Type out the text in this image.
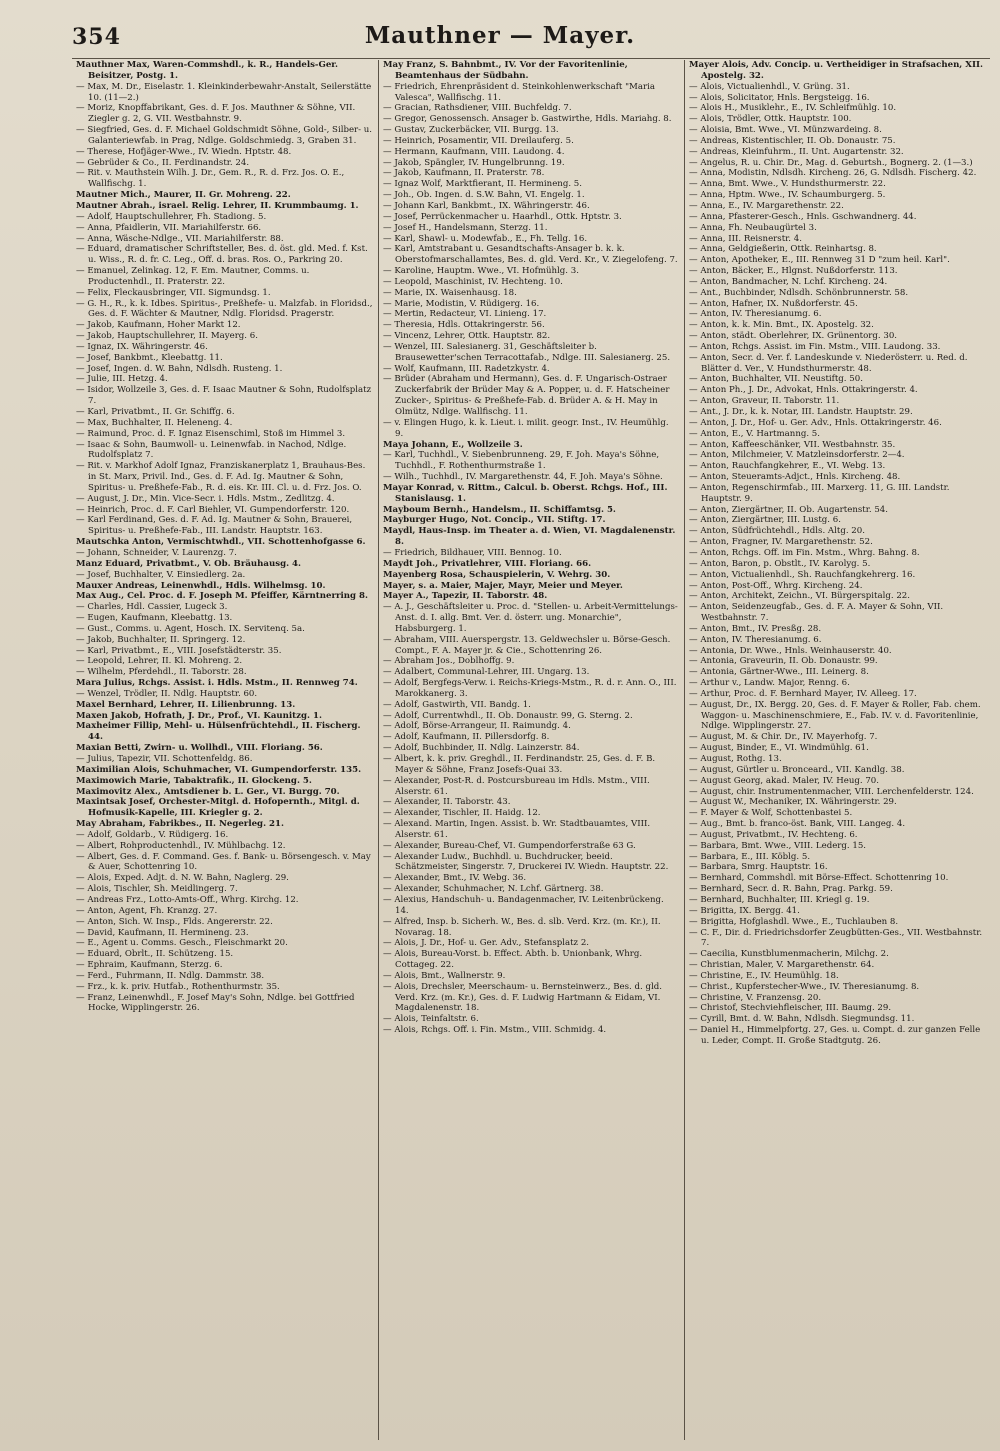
354	Mauthner — Mayer.
Mauthner Max, Waren-Commshdl., k. R., Handels-Ger. Beisitzer, Postg. 1.
— Max, M. Dr., Eiselastr. 1. Kleinkinderbewahr-Anstalt, Seilerstätte 10. (11—2.)
— Moriz, Knopffabrikant, Ges. d. F. Jos. Mauthner & Söhne, VII. Ziegler g. 2, G. VII. Westbahnstr. 9.
— Siegfried, Ges. d. F. Michael Goldschmidt Söhne, Gold-, Silber- u. Galanteriewfab. in Prag, Ndlge. Goldschmiedg. 3, Graben 31.
— Therese, Hofjäger-Wwe., IV. Wiedn. Hptstr. 48.
— Gebrüder & Co., II. Ferdinandstr. 24.
— Rit. v. Mauthstein Wilh. J. Dr., Gem. R., R. d. Frz. Jos. O. E., Wallfischg. 1.
Mautner Mich., Maurer, II. Gr. Mohreng. 22.
Mautner Abrah., israel. Relig. Lehrer, II. Krummbaumg. 1.
— Adolf, Hauptschullehrer, Fh. Stadiong. 5.
— Anna, Pfaidlerin, VII. Mariahilferstr. 66.
— Anna, Wäsche-Ndlge., VII. Mariahilferstr. 88.
— Eduard, dramatischer Schriftsteller, Bes. d. öst. gld. Med. f. Kst. u. Wiss., R. d. fr. C. Leg., Off. d. bras. Ros. O., Parkring 20.
— Emanuel, Zelinkag. 12, F. Em. Mautner, Comms. u. Productenhdl., II. Praterstr. 22.
— Felix, Fleckausbringer, VII. Sigmundsg. 1.
— G. H., R., k. k. Idbes. Spiritus-, Preßhefe- u. Malzfab. in Floridsd., Ges. d. F. Wächter & Mautner, Ndlg. Floridsd. Pragerstr.
— Jakob, Kaufmann, Hoher Markt 12.
— Jakob, Hauptschullehrer, II. Mayerg. 6.
— Ignaz, IX. Währingerstr. 46.
— Josef, Bankbmt., Kleebattg. 11.
— Josef, Ingen. d. W. Bahn, Ndlsdh. Rusteng. 1.
— Julie, III. Hetzg. 4.
— Isidor, Wollzeile 3, Ges. d. F. Isaac Mautner & Sohn, Rudolfsplatz 7.
— Karl, Privatbmt., II. Gr. Schiffg. 6.
— Max, Buchhalter, II. Heleneng. 4.
— Raimund, Proc. d. F. Ignaz Eisenschiml, Stoß im Himmel 3.
— Isaac & Sohn, Baumwoll- u. Leinenwfab. in Nachod, Ndlge. Rudolfsplatz 7.
— Rit. v. Markhof Adolf Ignaz, Franziskanerplatz 1, Brauhaus-Bes. in St. Marx, Privil. Ind., Ges. d. F. Ad. Ig. Mautner & Sohn, Spiritus- u. Preßhefe-Fab., R. d. eis. Kr. III. Cl. u. d. Frz. Jos. O.
— August, J. Dr., Min. Vice-Secr. i. Hdls. Mstm., Zedlitzg. 4.
— Heinrich, Proc. d. F. Carl Biehler, VI. Gumpendorferstr. 120.
— Karl Ferdinand, Ges. d. F. Ad. Ig. Mautner & Sohn, Brauerei, Spiritus- u. Preßhefe-Fab., III. Landstr. Hauptstr. 163.
Mautschka Anton, Vermischtwhdl., VII. Schottenhofgasse 6.
— Johann, Schneider, V. Laurenzg. 7.
Manz Eduard, Privatbmt., V. Ob. Bräuhausg. 4.
— Josef, Buchhalter, V. Einsiedlerg. 2a.
Mauxer Andreas, Leinenwhdl., Hdls. Wilhelmsg. 10.
Max Aug., Cel. Proc. d. F. Joseph M. Pfeiffer, Kärntnerring 8.
— Charles, Hdl. Cassier, Lugeck 3.
— Eugen, Kaufmann, Kleebattg. 13.
— Gust., Comms. u. Agent, Hosch. IX. Servitenq. 5a.
— Jakob, Buchhalter, II. Springerg. 12.
— Karl, Privatbmt., E., VIII. Josefstädterstr. 35.
— Leopold, Lehrer, II. Kl. Mohreng. 2.
— Wilhelm, Pferdehdl., II. Taborstr. 28.
Mara Julius, Rchgs. Assist. i. Hdls. Mstm., II. Rennweg 74.
— Wenzel, Trödler, II. Ndlg. Hauptstr. 60.
Maxel Bernhard, Lehrer, II. Lilienbrunng. 13.
Maxen Jakob, Hofrath, J. Dr., Prof., VI. Kaunitzg. 1.
Maxheimer Fillip, Mehl- u. Hülsenfrüchtehdl., II. Fischerg. 44.
Maxian Betti, Zwirn- u. Wollhdl., VIII. Floriang. 56.
— Julius, Tapezir, VII. Schottenfeldg. 86.
Maximilian Alois, Schuhmacher, VI. Gumpendorferstr. 135.
Maximowich Marie, Tabaktrafik., II. Glockeng. 5.
Maximovitz Alex., Amtsdiener b. L. Ger., VI. Burgg. 70.
Maxintsak Josef, Orchester-Mitgl. d. Hofopernth., Mitgl. d. Hofmusik-Kapelle, III. Kriegler g. 2.
May Abraham, Fabrikbes., II. Negerleg. 21.
— Adolf, Goldarb., V. Rüdigerg. 16.
— Albert, Rohproductenhdl., IV. Mühlbachg. 12.
— Albert, Ges. d. F. Command. Ges. f. Bank- u. Börsengesch. v. May & Auer, Schottenring 10.
— Alois, Exped. Adjt. d. N. W. Bahn, Naglerg. 29.
— Alois, Tischler, Sh. Meidlingerg. 7.
— Andreas Frz., Lotto-Amts-Off., Whrg. Kirchg. 12.
— Anton, Agent, Fh. Kranzg. 27.
— Anton, Sich. W. Insp., Flds. Angererstr. 22.
— David, Kaufmann, II. Hermineng. 23.
— E., Agent u. Comms. Gesch., Fleischmarkt 20.
— Eduard, Obrlt., II. Schützeng. 15.
— Ephraim, Kaufmann, Sterzg. 6.
— Ferd., Fuhrmann, II. Ndlg. Dammstr. 38.
— Frz., k. k. priv. Hutfab., Rothenthurmstr. 35.
— Franz, Leinenwhdl., F. Josef May's Sohn, Ndlge. bei Gottfried Hocke, Wipplingerstr. 26.
May Franz, S. Bahnbmt., IV. Vor der Favoritenlinie, Beamtenhaus der Südbahn.
— Friedrich, Ehrenpräsident d. Steinkohlenwerkschaft "Maria Valesca", Wallfischg. 11.
— Gracian, Rathsdiener, VIII. Buchfeldg. 7.
— Gregor, Genossensch. Ansager b. Gastwirthe, Hdls. Mariahg. 8.
— Gustav, Zuckerbäcker, VII. Burgg. 13.
— Heinrich, Posamentir, VII. Dreilauferg. 5.
— Hermann, Kaufmann, VIII. Laudong. 4.
— Jakob, Spängler, IV. Hungelbrunng. 19.
— Jakob, Kaufmann, II. Praterstr. 78.
— Ignaz Wolf, Marktfierant, II. Hermineng. 5.
— Joh., Ob. Ingen. d. S.W. Bahn, VI. Engelg. 1.
— Johann Karl, Bankbmt., IX. Währingerstr. 46.
— Josef, Perrückenmacher u. Haarhdl., Ottk. Hptstr. 3.
— Josef H., Handelsmann, Sterzg. 11.
— Karl, Shawl- u. Modewfab., E., Fh. Tellg. 16.
— Karl, Amtstrabant u. Gesandtschafts-Ansager b. k. k. Oberstofmarschallamtes, Bes. d. gld. Verd. Kr., V. Ziegelofeng. 7.
— Karoline, Hauptm. Wwe., VI. Hofmühlg. 3.
— Leopold, Maschinist, IV. Hechteng. 10.
— Marie, IX. Waisenhausg. 18.
— Marie, Modistin, V. Rüdigerg. 16.
— Mertin, Redacteur, VI. Linieng. 17.
— Theresia, Hdls. Ottakringerstr. 56.
— Vincenz, Lehrer, Ottk. Hauptstr. 82.
— Wenzel, III. Salesianerg. 31, Geschäftsleiter b. Brausewetter'schen Terracottafab., Ndlge. III. Salesianerg. 25.
— Wolf, Kaufmann, III. Radetzkystr. 4.
— Brüder (Abraham und Hermann), Ges. d. F. Ungarisch-Ostraer Zuckerfabrik der Brüder May & A. Popper, u. d. F. Hatscheiner Zucker-, Spiritus- & Preßhefe-Fab. d. Brüder A. & H. May in Olmütz, Ndlge. Wallfischg. 11.
— v. Elingen Hugo, k. k. Lieut. i. milit. geogr. Inst., IV. Heumühlg. 9.
Maya Johann, E., Wollzeile 3.
— Karl, Tuchhdl., V. Siebenbrunneng. 29, F. Joh. Maya's Söhne, Tuchhdl., F. Rothenthurmstraße 1.
— Wilh., Tuchhdl., IV. Margarethenstr. 44, F. Joh. Maya's Söhne.
Mayar Konrad, v. Rittm., Calcul. b. Oberst. Rchgs. Hof., III. Stanislausg. 1.
Mayboum Bernh., Handelsm., II. Schiffamtsg. 5.
Mayburger Hugo, Not. Concip., VII. Stiftg. 17.
Maydl, Haus-Insp. im Theater a. d. Wien, VI. Magdalenenstr. 8.
— Friedrich, Bildhauer, VIII. Bennog. 10.
Maydt Joh., Privatlehrer, VIII. Floriang. 66.
Mayenberg Rosa, Schauspielerin, V. Wehrg. 30.
Mayer, s. a. Maier, Majer, Mayr, Meier und Meyer.
Mayer A., Tapezir, II. Taborstr. 48.
— A. J., Geschäftsleiter u. Proc. d. "Stellen- u. Arbeit-Vermittelungs-Anst. d. I. allg. Bmt. Ver. d. österr. ung. Monarchie", Habsburgerg. 1.
— Abraham, VIII. Auerspergstr. 13. Geldwechsler u. Börse-Gesch. Compt., F. A. Mayer jr. & Cie., Schottenring 26.
— Abraham Jos., Doblhoffg. 9.
— Adalbert, Communal-Lehrer, III. Ungarg. 13.
— Adolf, Bergfegs-Verw. i. Reichs-Kriegs-Mstm., R. d. r. Ann. O., III. Marokkanerg. 3.
— Adolf, Gastwirth, VII. Bandg. 1.
— Adolf, Currentwhdl., II. Ob. Donaustr. 99, G. Sterng. 2.
— Adolf, Börse-Arrangeur, II. Raimundg. 4.
— Adolf, Kaufmann, II. Pillersdorfg. 8.
— Adolf, Buchbinder, II. Ndlg. Lainzerstr. 84.
— Albert, k. k. priv. Greghdl., II. Ferdinandstr. 25, Ges. d. F. B. Mayer & Söhne, Franz Josefs-Quai 33.
— Alexander, Post-R. d. Postcursbureau im Hdls. Mstm., VIII. Alserstr. 61.
— Alexander, II. Taborstr. 43.
— Alexander, Tischler, II. Haidg. 12.
— Alexand. Martin, Ingen. Assist. b. Wr. Stadtbauamtes, VIII. Alserstr. 61.
— Alexander, Bureau-Chef, VI. Gumpendorferstraße 63 G.
— Alexander Ludw., Buchhdl. u. Buchdrucker, beeid. Schätzmeister, Singerstr. 7, Druckerei IV. Wiedn. Hauptstr. 22.
— Alexander, Bmt., IV. Webg. 36.
— Alexander, Schuhmacher, N. Lchf. Gärtnerg. 38.
— Alexius, Handschuh- u. Bandagenmacher, IV. Leitenbrückeng. 14.
— Alfred, Insp. b. Sicherh. W., Bes. d. slb. Verd. Krz. (m. Kr.), II. Novarag. 18.
— Alois, J. Dr., Hof- u. Ger. Adv., Stefansplatz 2.
— Alois, Bureau-Vorst. b. Effect. Abth. b. Unionbank, Whrg. Cottageg. 22.
— Alois, Bmt., Wallnerstr. 9.
— Alois, Drechsler, Meerschaum- u. Bernsteinwerz., Bes. d. gld. Verd. Krz. (m. Kr.), Ges. d. F. Ludwig Hartmann & Eidam, VI. Magdalenenstr. 18.
— Alois, Teinfaltstr. 6.
— Alois, Rchgs. Off. i. Fin. Mstm., VIII. Schmidg. 4.
Mayer Alois, Adv. Concip. u. Vertheidiger in Strafsachen, XII. Apostelg. 32.
— Alois, Victualienhdl., V. Grüng. 31.
— Alois, Solicitator, Hnls. Bergsteigg. 16.
— Alois H., Musiklehr., E., IV. Schleifmühlg. 10.
— Alois, Trödler, Ottk. Hauptstr. 100.
— Aloisia, Bmt. Wwe., VI. Münzwardeing. 8.
— Andreas, Kistentischler, II. Ob. Donaustr. 75.
— Andreas, Kleinfuhrm., II. Unt. Augartenstr. 32.
— Angelus, R. u. Chir. Dr., Mag. d. Geburtsh., Bognerg. 2. (1—3.)
— Anna, Modistin, Ndlsdh. Kircheng. 26, G. Ndlsdh. Fischerg. 42.
— Anna, Bmt. Wwe., V. Hundsthurmerstr. 22.
— Anna, Hptm. Wwe., IV. Schaumburgerg. 5.
— Anna, E., IV. Margarethenstr. 22.
— Anna, Pfasterer-Gesch., Hnls. Gschwandnerg. 44.
— Anna, Fh. Neubaugürtel 3.
— Anna, III. Reisnerstr. 4.
— Anna, Geldgießerin, Ottk. Reinhartsg. 8.
— Anton, Apotheker, E., III. Rennweg 31 D "zum heil. Karl".
— Anton, Bäcker, E., Hlgnst. Nußdorferstr. 113.
— Anton, Bandmacher, N. Lchf. Kircheng. 24.
— Ant., Buchbinder, Ndlsdh. Schönbrunnerstr. 58.
— Anton, Hafner, IX. Nußdorferstr. 45.
— Anton, IV. Theresianumg. 6.
— Anton, k. k. Min. Bmt., IX. Apostelg. 32.
— Anton, städt. Oberlehrer, IX. Grünentorg. 30.
— Anton, Rchgs. Assist. im Fin. Mstm., VIII. Laudong. 33.
— Anton, Secr. d. Ver. f. Landeskunde v. Niederösterr. u. Red. d. Blätter d. Ver., V. Hundsthurmerstr. 48.
— Anton, Buchhalter, VII. Neustiftg. 50.
— Anton Ph., J. Dr., Advokat, Hnls. Ottakringerstr. 4.
— Anton, Graveur, II. Taborstr. 11.
— Ant., J. Dr., k. k. Notar, III. Landstr. Hauptstr. 29.
— Anton, J. Dr., Hof- u. Ger. Adv., Hnls. Ottakringerstr. 46.
— Anton, E., V. Hartmanng. 5.
— Anton, Kaffeeschänker, VII. Westbahnstr. 35.
— Anton, Milchmeier, V. Matzleinsdorferstr. 2—4.
— Anton, Rauchfangkehrer, E., VI. Webg. 13.
— Anton, Steueramts-Adjct., Hnls. Kircheng. 48.
— Anton, Regenschirmfab., III. Marxerg. 11, G. III. Landstr. Hauptstr. 9.
— Anton, Ziergärtner, II. Ob. Augartenstr. 54.
— Anton, Ziergärtner, III. Lustg. 6.
— Anton, Südfrüchtehdl., Hdls. Altg. 20.
— Anton, Fragner, IV. Margarethenstr. 52.
— Anton, Rchgs. Off. im Fin. Mstm., Whrg. Bahng. 8.
— Anton, Baron, p. Obstlt., IV. Karolyg. 5.
— Anton, Victualienhdl., Sh. Rauchfangkehrerg. 16.
— Anton, Post-Off., Whrg. Kircheng. 24.
— Anton, Architekt, Zeichn., VI. Bürgerspitalg. 22.
— Anton, Seidenzeugfab., Ges. d. F. A. Mayer & Sohn, VII. Westbahnstr. 7.
— Anton, Bmt., IV. Presßg. 28.
— Anton, IV. Theresianumg. 6.
— Antonia, Dr. Wwe., Hnls. Weinhauserstr. 40.
— Antonia, Graveurin, II. Ob. Donaustr. 99.
— Antonia, Gärtner-Wwe., III. Leinerg. 8.
— Arthur v., Landw. Major, Renng. 6.
— Arthur, Proc. d. F. Bernhard Mayer, IV. Alleeg. 17.
— August, Dr., IX. Bergg. 20, Ges. d. F. Mayer & Roller, Fab. chem. Waggon- u. Maschinenschmiere, E., Fab. IV. v. d. Favoritenlinie, Ndlge. Wipplingerstr. 27.
— August, M. & Chir. Dr., IV. Mayerhofg. 7.
— August, Binder, E., VI. Windmühlg. 61.
— August, Rothg. 13.
— August, Gürtler u. Bronceard., VII. Kandlg. 38.
— August Georg, akad. Maler, IV. Heug. 70.
— August, chir. Instrumentenmacher, VIII. Lerchenfelderstr. 124.
— August W., Mechaniker, IX. Währingerstr. 29.
— F. Mayer & Wolf, Schottenbastei 5.
— Aug., Bmt. b. franco-öst. Bank, VIII. Langeg. 4.
— August, Privatbmt., IV. Hechteng. 6.
— Barbara, Bmt. Wwe., VIII. Lederg. 15.
— Barbara, E., III. Köblg. 5.
— Barbara, Smrg. Hauptstr. 16.
— Bernhard, Commshdl. mit Börse-Effect. Schottenring 10.
— Bernhard, Secr. d. R. Bahn, Prag. Parkg. 59.
— Bernhard, Buchhalter, III. Kriegl g. 19.
— Brigitta, IX. Bergg. 41.
— Brigitta, Hofglashdl. Wwe., E., Tuchlauben 8.
— C. F., Dir. d. Friedrichsdorfer Zeugbütten-Ges., VII. Westbahnstr. 7.
— Caecilia, Kunstblumenmacherin, Milchg. 2.
— Christian, Maler, V. Margarethenstr. 64.
— Christine, E., IV. Heumühlg. 18.
— Christ., Kupferstecher-Wwe., IV. Theresianumg. 8.
— Christine, V. Franzensg. 20.
— Christof, Stechviehfleischer, III. Baumg. 29.
— Cyrill, Bmt. d. W. Bahn, Ndlsdh. Siegmundsg. 11.
— Daniel H., Himmelpfortg. 27, Ges. u. Compt. d. zur ganzen Felle u. Leder, Compt. II. Große Stadtgutg. 26.
